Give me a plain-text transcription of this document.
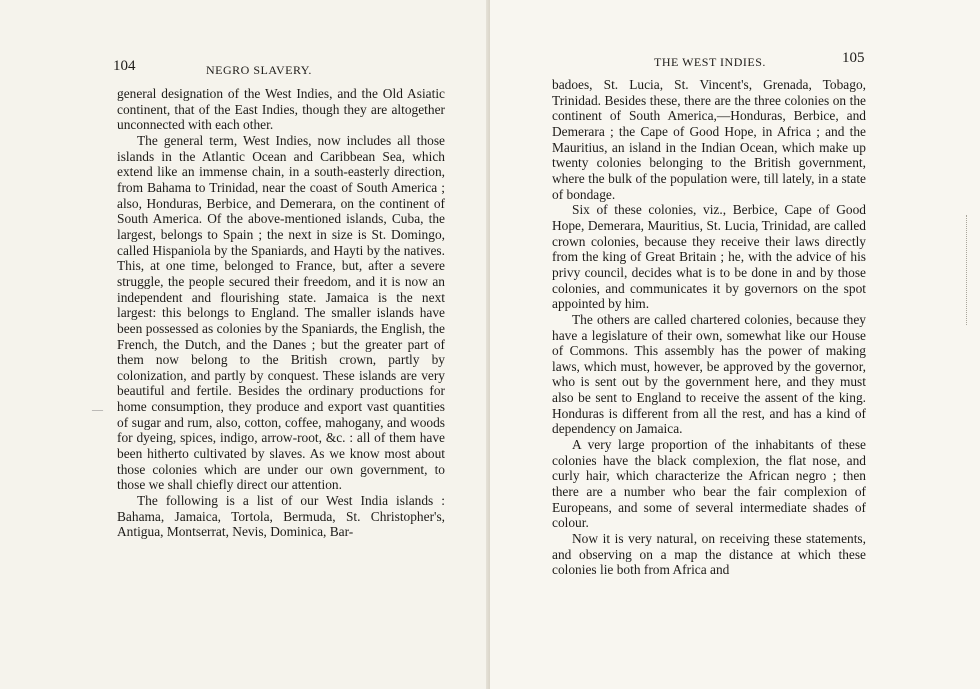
104	NEGRO SLAVERY.

general designation of the West Indies, and the Old Asiatic continent, that of the East Indies, though they are altogether unconnected with each other.

The general term, West Indies, now includes all those islands in the Atlantic Ocean and Caribbean Sea, which extend like an immense chain, in a south-easterly direction, from Bahama to Trinidad, near the coast of South America ; also, Honduras, Berbice, and Demerara, on the continent of South America. Of the above-mentioned islands, Cuba, the largest, belongs to Spain ; the next in size is St. Domingo, called Hispaniola by the Spaniards, and Hayti by the natives. This, at one time, belonged to France, but, after a severe struggle, the people secured their freedom, and it is now an independent and flourishing state. Jamaica is the next largest: this belongs to England. The smaller islands have been possessed as colonies by the Spaniards, the English, the French, the Dutch, and the Danes ; but the greater part of them now belong to the British crown, partly by colonization, and partly by conquest. These islands are very beautiful and fertile. Besides the ordinary productions for home consumption, they produce and export vast quantities of sugar and rum, also, cotton, coffee, mahogany, and woods for dyeing, spices, indigo, arrow-root, &c. : all of them have been hitherto cultivated by slaves. As we know most about those colonies which are under our own government, to those we shall chiefly direct our attention.

The following is a list of our West India islands : Bahama, Jamaica, Tortola, Bermuda, St. Christopher's, Antigua, Montserrat, Nevis, Dominica, Bar-

—
THE WEST INDIES.	105

badoes, St. Lucia, St. Vincent's, Grenada, Tobago, Trinidad. Besides these, there are the three colonies on the continent of South America,—Honduras, Berbice, and Demerara ; the Cape of Good Hope, in Africa ; and the Mauritius, an island in the Indian Ocean, which make up twenty colonies belonging to the British government, where the bulk of the population were, till lately, in a state of bondage.

Six of these colonies, viz., Berbice, Cape of Good Hope, Demerara, Mauritius, St. Lucia, Trinidad, are called crown colonies, because they receive their laws directly from the king of Great Britain ; he, with the advice of his privy council, decides what is to be done in and by those colonies, and communicates it by governors on the spot appointed by him.

The others are called chartered colonies, because they have a legislature of their own, somewhat like our House of Commons. This assembly has the power of making laws, which must, however, be approved by the governor, who is sent out by the government here, and they must also be sent to England to receive the assent of the king. Honduras is different from all the rest, and has a kind of dependency on Jamaica.

A very large proportion of the inhabitants of these colonies have the black complexion, the flat nose, and curly hair, which characterize the African negro ; then there are a number who bear the fair complexion of Europeans, and some of several intermediate shades of colour.

Now it is very natural, on receiving these statements, and observing on a map the distance at which these colonies lie both from Africa and
